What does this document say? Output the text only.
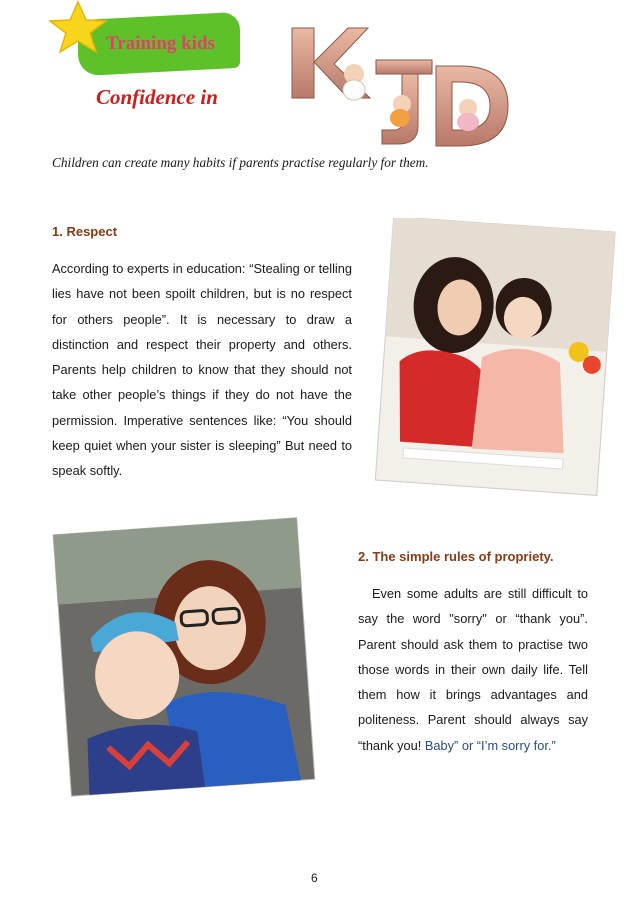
Training kids
Confidence in
Children can create many habits if parents practise regularly for them.
1. Respect
According to experts in education: “Stealing or telling lies have not been spoilt children, but is no respect for others people”. It is necessary to draw a distinction and respect their property and others. Parents help children to know that they should not take other people’s things if they do not have the permission. Imperative sentences like: “You should keep quiet when your sister is sleeping” But need to speak softly.
2. The simple rules of propriety.
Even some adults are still difficult to say the word "sorry" or “thank you”. Parent should ask them to practise two those words in their own daily life. Tell them how it brings advantages and politeness. Parent should always say “thank you! Baby” or “I’m sorry for.”
6
